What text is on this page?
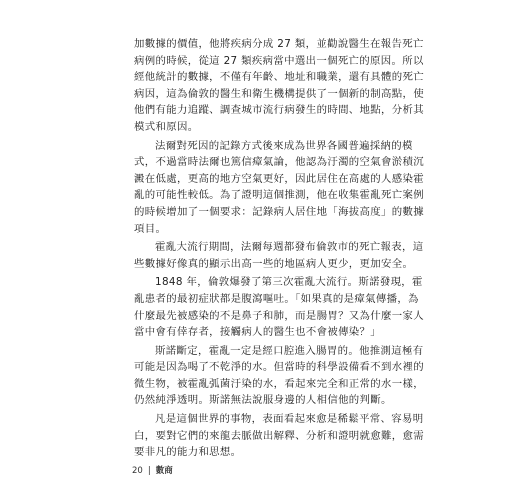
加數據的價值，他將疾病分成 27 類，並勸說醫生在報告死亡
病例的時候，從這 27 類疾病當中選出一個死亡的原因。所以
經他統計的數據，不僅有年齡、地址和職業，還有具體的死亡
病因，這為倫敦的醫生和衛生機構提供了一個新的制高點，使
他們有能力追蹤、調查城市流行病發生的時間、地點，分析其
模式和原因。
法爾對死因的記錄方式後來成為世界各國普遍採納的模
式，不過當時法爾也篤信瘴氣論，他認為汙濁的空氣會淤積沉
澱在低處，更高的地方空氣更好，因此居住在高處的人感染霍
亂的可能性較低。為了證明這個推測，他在收集霍亂死亡案例
的時候增加了一個要求：記錄病人居住地「海拔高度」的數據
項目。
霍亂大流行期間，法爾每週都發布倫敦市的死亡報表，這
些數據好像真的顯示出高一些的地區病人更少，更加安全。
1848 年，倫敦爆發了第三次霍亂大流行。斯諾發現，霍
亂患者的最初症狀都是腹瀉嘔吐。「如果真的是瘴氣傳播，為
什麼最先被感染的不是鼻子和肺，而是腸胃？又為什麼一家人
當中會有倖存者，接觸病人的醫生也不會被傳染？」
斯諾斷定，霍亂一定是經口腔進入腸胃的。他推測這極有
可能是因為喝了不乾淨的水。但當時的科學設備看不到水裡的
微生物，被霍亂弧菌汙染的水，看起來完全和正常的水一樣，
仍然純淨透明。斯諾無法說服身邊的人相信他的判斷。
凡是這個世界的事物，表面看起來愈是稀鬆平常、容易明
白，要對它們的來龍去脈做出解釋、分析和證明就愈難，愈需
要非凡的能力和思想。
20 | 數商
